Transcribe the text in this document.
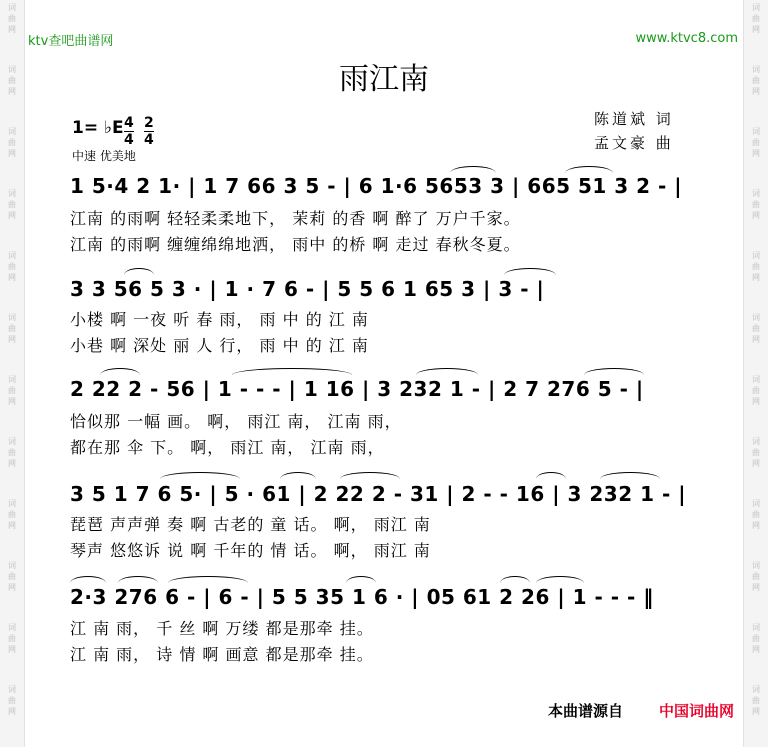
词
曲
网
词
曲
网
词
曲
网
词
曲
网
词
曲
网
词
曲
网
词
曲
网
词
曲
网
词
曲
网
词
曲
网
词
曲
网
词
曲
网
词
曲
网
词
曲
网
词
曲
网
词
曲
网
词
曲
网
词
曲
网
词
曲
网
词
曲
网
词
曲
网
词
曲
网
词
曲
网
词
曲
网
ktv查吧曲谱网	www.ktvc8.com
雨江南
1= ♭E 4
4
2
4
中速 优美地
陈道斌 词
孟文豪 曲
1 5·4 2 1· | 1 7 66 3 5 - | 6 1·6 5653 3 | 665 51 3 2 - |
江南 的雨啊 轻轻柔柔地下， 茉莉 的香 啊 醉了 万户千家。
江南 的雨啊 缠缠绵绵地洒， 雨中 的桥 啊 走过 春秋冬夏。
3 3 56 5 3 · | 1 · 7 6 - | 5 5 6 1 65 3 | 3 - |
小楼 啊 一夜 听 春 雨， 雨 中 的 江 南
小巷 啊 深处 丽 人 行， 雨 中 的 江 南
2 22 2 - 56 | 1 - - - | 1 16 | 3 232 1 - | 2 7 276 5 - |
恰似那 一幅 画。 啊， 雨江 南， 江南 雨，
都在那 伞 下。 啊， 雨江 南， 江南 雨，
3 5 1 7 6 5· | 5 · 61 | 2 22 2 - 31 | 2 - - 16 | 3 232 1 - |
琵琶 声声弹 奏 啊 古老的 童 话。 啊， 雨江 南
琴声 悠悠诉 说 啊 千年的 情 话。 啊， 雨江 南
2·3 276 6 - | 6 - | 5 5 35 1 6 · | 05 61 2 26 | 1 - - - ‖
江 南 雨， 千 丝 啊 万缕 都是那牵 挂。
江 南 雨， 诗 情 啊 画意 都是那牵 挂。
本曲谱源自 中国词曲网
